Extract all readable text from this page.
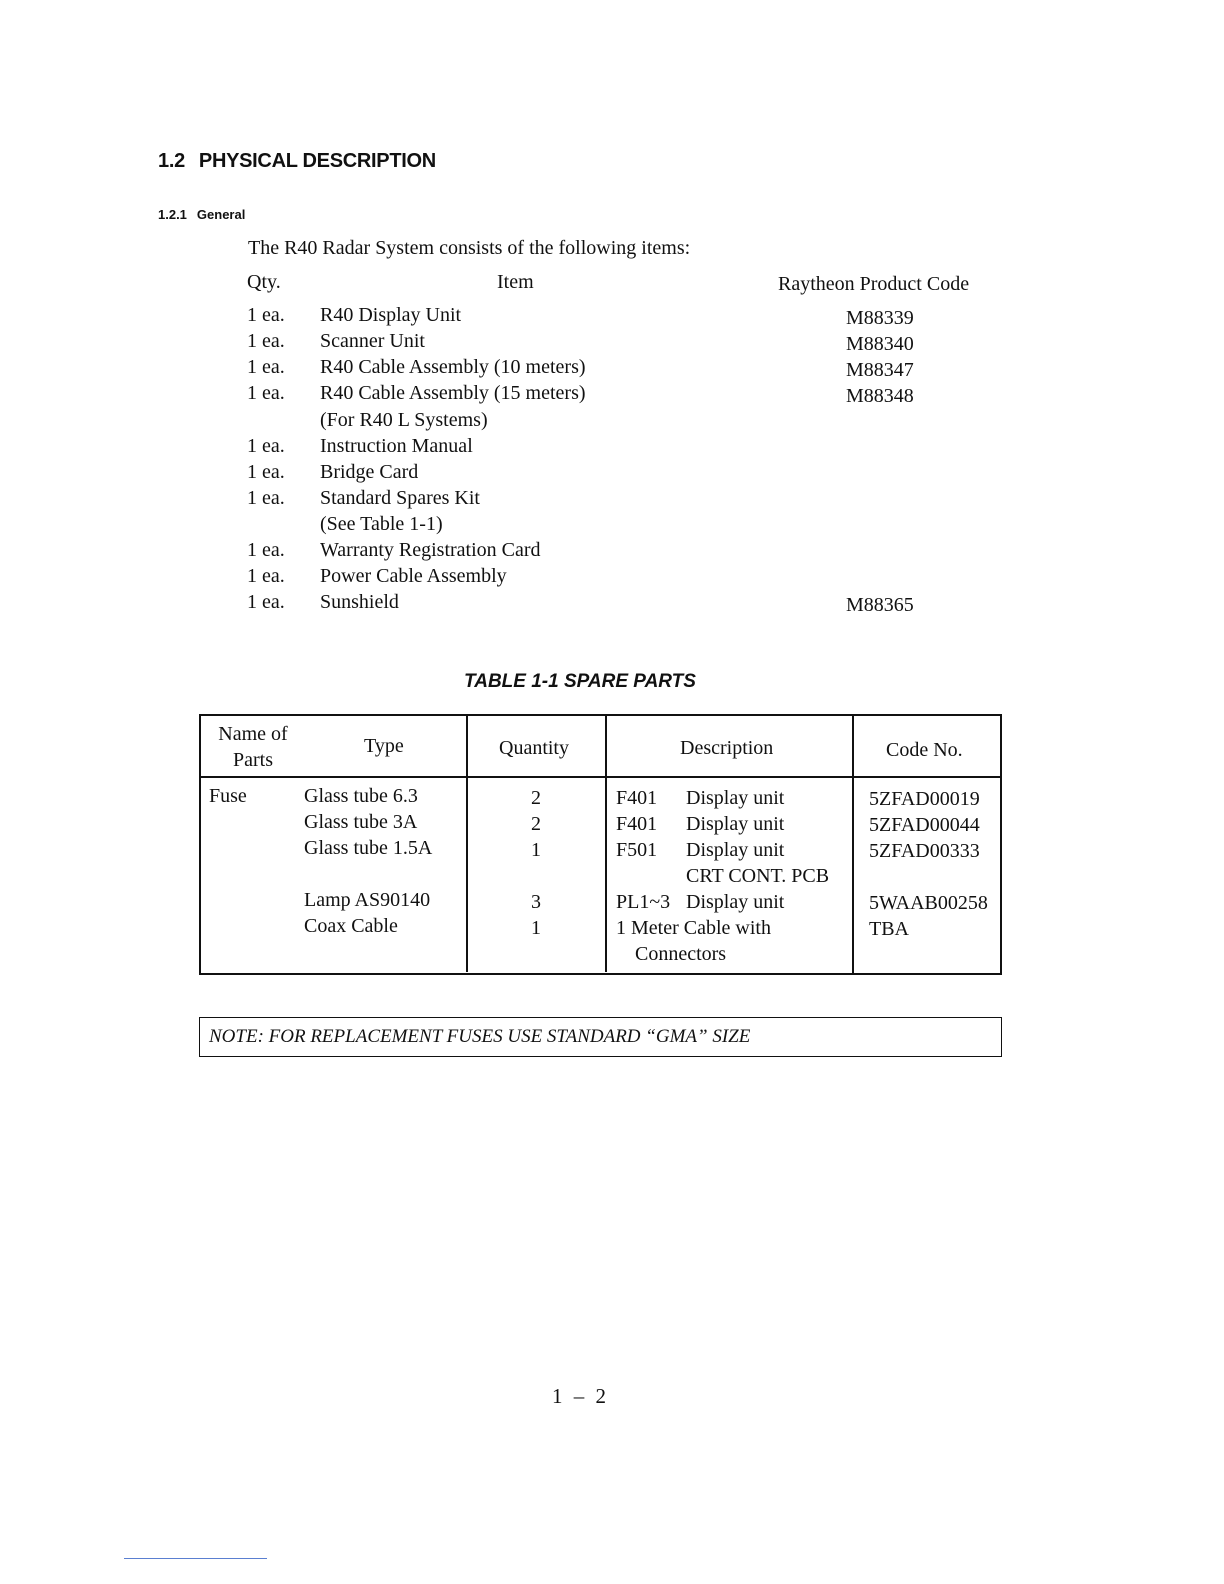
1.2 PHYSICAL DESCRIPTION
1.2.1 General
The R40 Radar System consists of the following items:
Qty.	Item	Raytheon Product Code
1 ea. R40 Display Unit	M88339
1 ea. Scanner Unit	M88340
1 ea. R40 Cable Assembly (10 meters)	M88347
1 ea. R40 Cable Assembly (15 meters)	M88348
(For R40 L Systems)
1 ea. Instruction Manual
1 ea. Bridge Card
1 ea. Standard Spares Kit
(See Table 1-1)
1 ea. Warranty Registration Card
1 ea. Power Cable Assembly
1 ea. Sunshield	M88365
TABLE 1-1 SPARE PARTS
Name of
Parts
Type	Quantity	Description	Code No.
Fuse	Glass tube 6.3	2	F401 Display unit	5ZFAD00019
Glass tube 3A	2	F401 Display unit	5ZFAD00044
Glass tube 1.5A	1	F501 Display unit	5ZFAD00333
CRT CONT. PCB
Lamp AS90140	3	PL1~3 Display unit	5WAAB00258
Coax Cable	1	1 Meter Cable with	TBA
Connectors
NOTE: FOR REPLACEMENT FUSES USE STANDARD “GMA” SIZE
1 – 2
